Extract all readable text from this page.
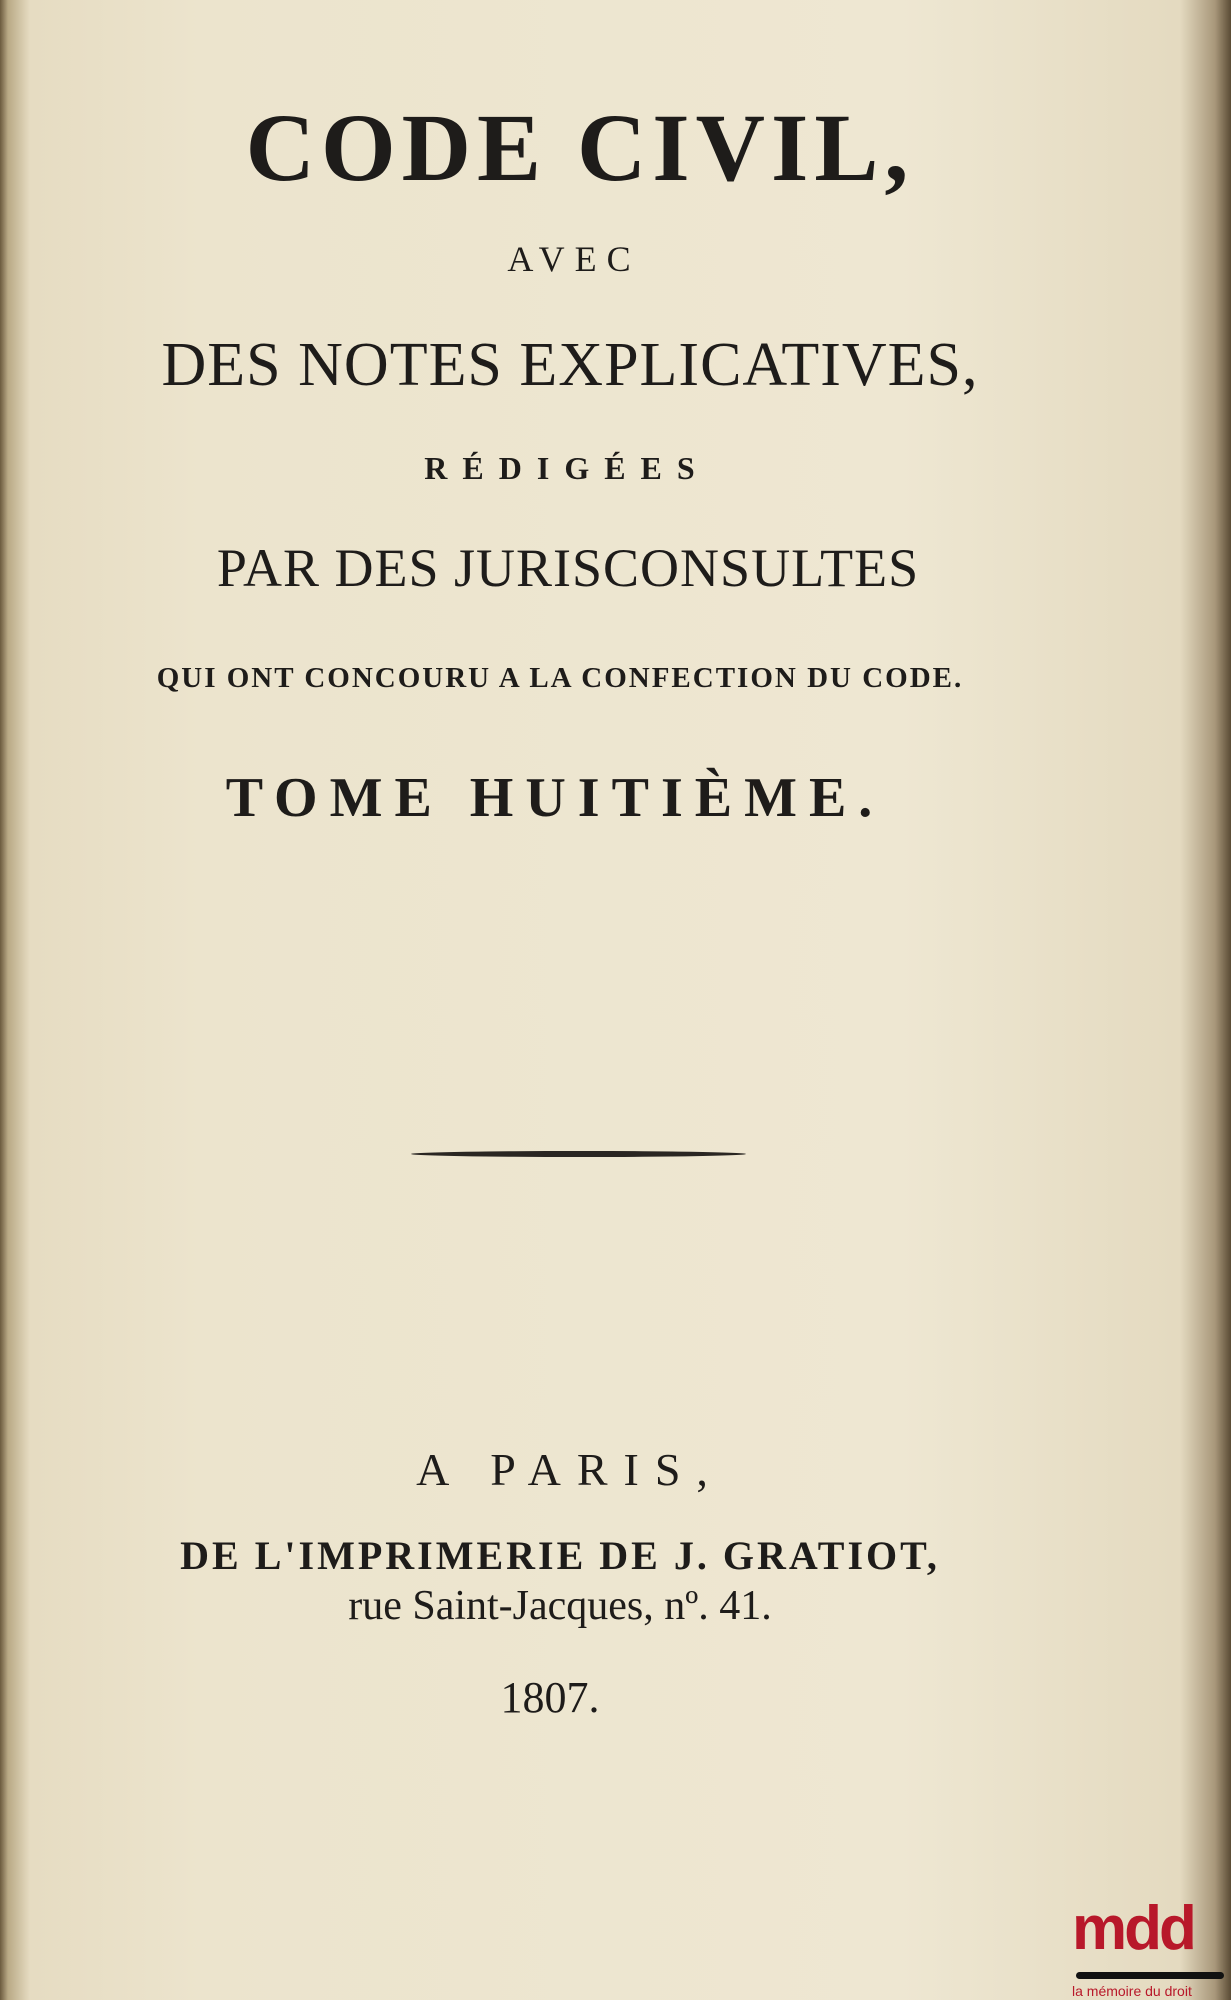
CODE CIVIL,
AVEC
DES NOTES EXPLICATIVES,
RÉDIGÉES
PAR DES JURISCONSULTES
QUI ONT CONCOURU A LA CONFECTION DU CODE.
TOME HUITIÈME.
A PARIS,
DE L'IMPRIMERIE DE J. GRATIOT,
rue Saint-Jacques, nº. 41.
1807.
mdd
la mémoire du droit
